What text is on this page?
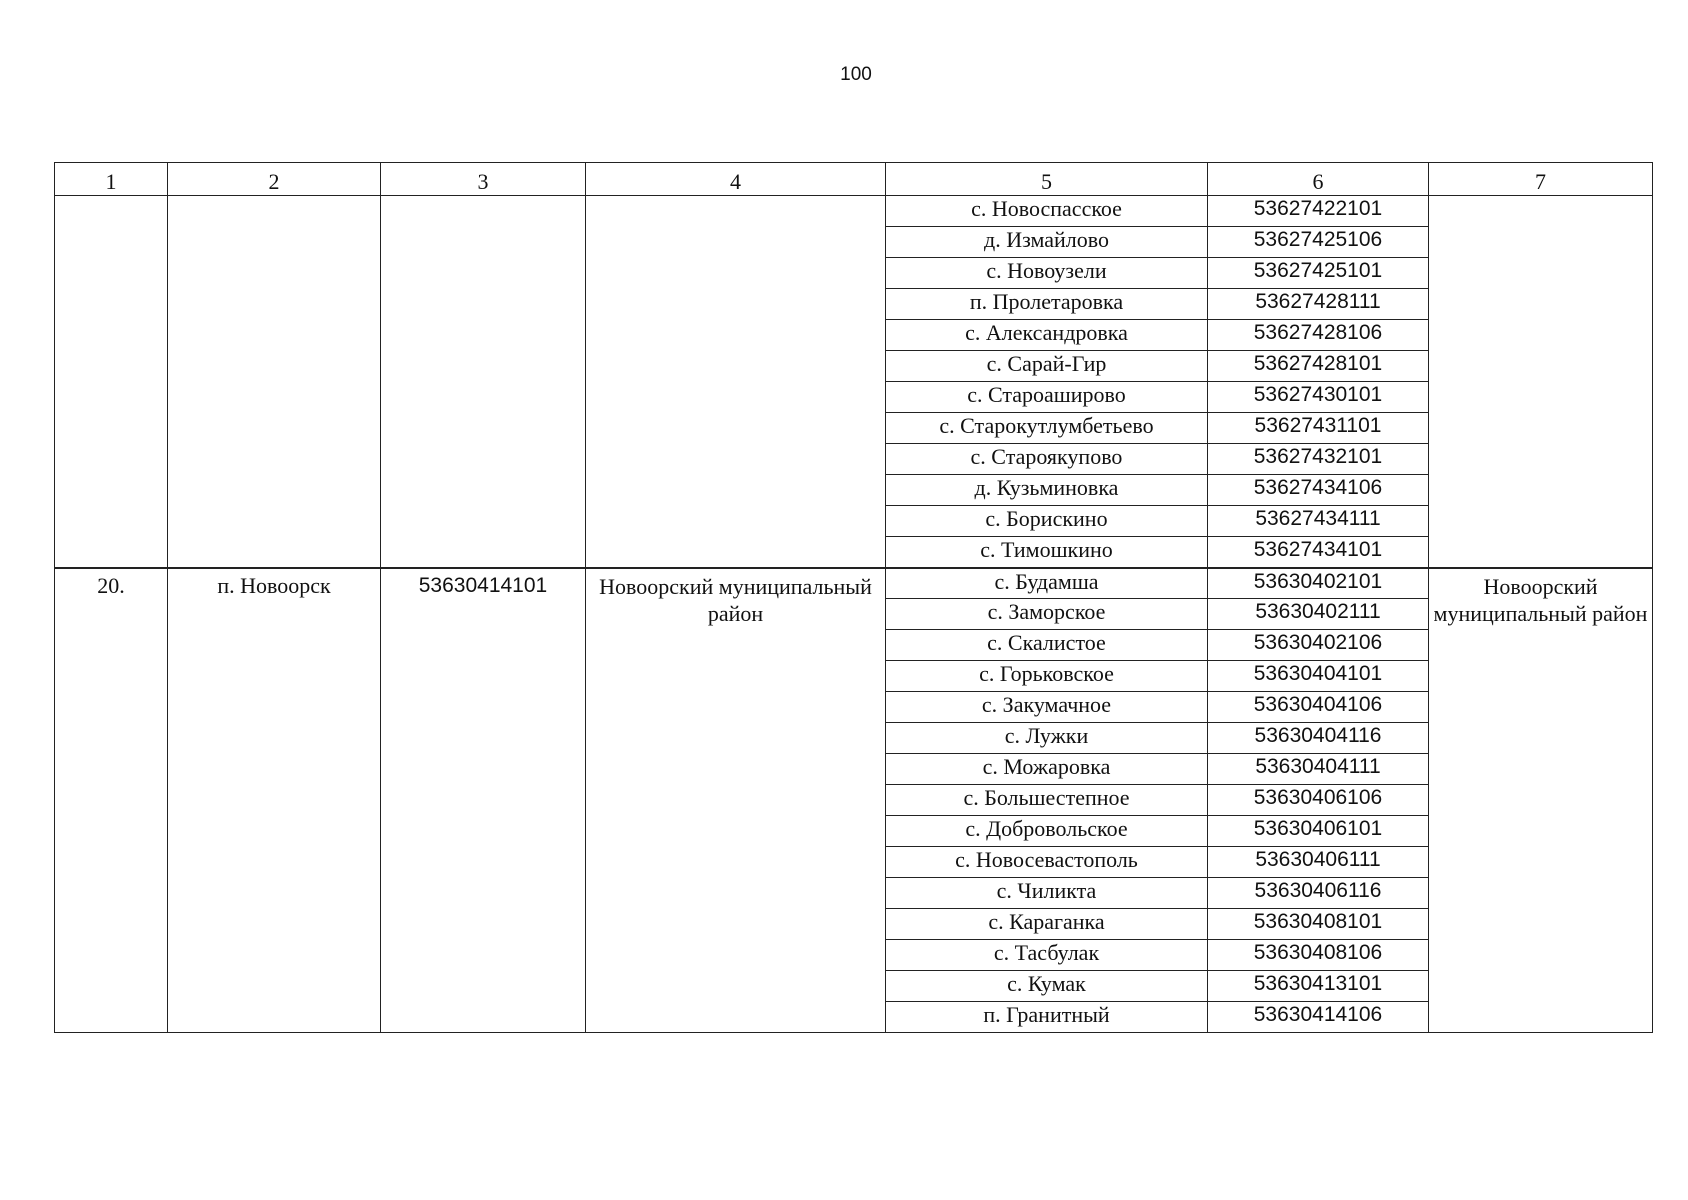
100
1	2	3	4	5	6	7
				с. Новоспасское	53627422101	
				д. Измайлово	53627425106	
				с. Новоузели	53627425101	
				п. Пролетаровка	53627428111	
				с. Александровка	53627428106	
				с. Сарай-Гир	53627428101	
				с. Староаширово	53627430101	
				с. Старокутлумбетьево	53627431101	
				с. Староякупово	53627432101	
				д. Кузьминовка	53627434106	
				с. Борискино	53627434111	
				с. Тимошкино	53627434101	
20.	п. Новоорск	53630414101	Новоорский муниципальный район	с. Будамша	53630402101	Новоорский муниципальный район
				с. Заморское	53630402111	
				с. Скалистое	53630402106	
				с. Горьковское	53630404101	
				с. Закумачное	53630404106	
				с. Лужки	53630404116	
				с. Можаровка	53630404111	
				с. Большестепное	53630406106	
				с. Добровольское	53630406101	
				с. Новосевастополь	53630406111	
				с. Чиликта	53630406116	
				с. Караганка	53630408101	
				с. Тасбулак	53630408106	
				с. Кумак	53630413101	
				п. Гранитный	53630414106	
